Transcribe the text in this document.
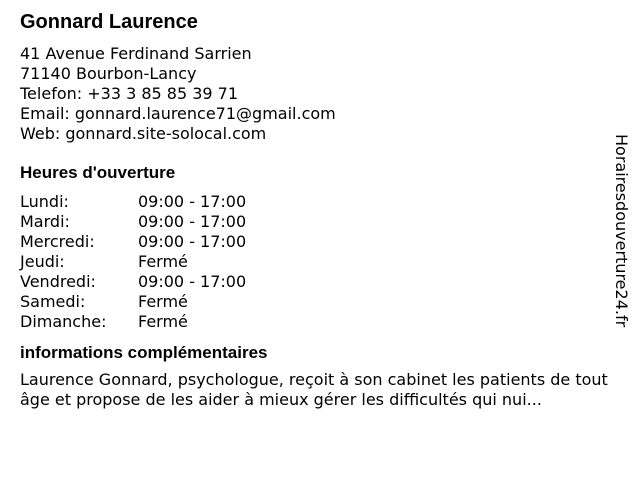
Gonnard Laurence
41 Avenue Ferdinand Sarrien
71140 Bourbon-Lancy
Telefon: +33 3 85 85 39 71
Email: gonnard.laurence71@gmail.com
Web: gonnard.site-solocal.com
Heures d'ouverture
Lundi:	09:00 - 17:00
Mardi:	09:00 - 17:00
Mercredi:	09:00 - 17:00
Jeudi:	Fermé
Vendredi:	09:00 - 17:00
Samedi:	Fermé
Dimanche:	Fermé
informations complémentaires
Laurence Gonnard, psychologue, reçoit à son cabinet les patients de tout âge et propose de les aider à mieux gérer les difficultés qui nui...
Horairesdouverture24.fr
